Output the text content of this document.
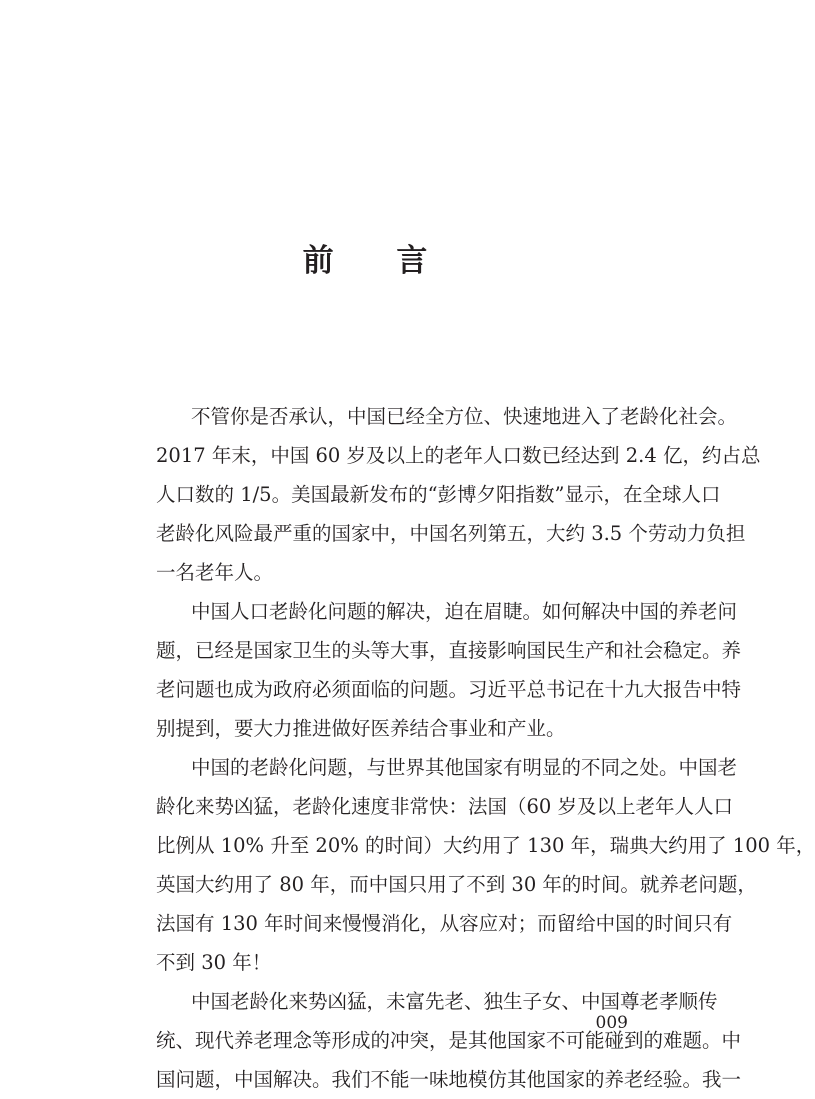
前 言
不管你是否承认，中国已经全方位、快速地进入了老龄化社会。
2017 年末，中国 60 岁及以上的老年人口数已经达到 2.4 亿，约占总
人口数的 1/5。美国最新发布的“彭博夕阳指数”显示，在全球人口
老龄化风险最严重的国家中，中国名列第五，大约 3.5 个劳动力负担
一名老年人。
中国人口老龄化问题的解决，迫在眉睫。如何解决中国的养老问
题，已经是国家卫生的头等大事，直接影响国民生产和社会稳定。养
老问题也成为政府必须面临的问题。习近平总书记在十九大报告中特
别提到，要大力推进做好医养结合事业和产业。
中国的老龄化问题，与世界其他国家有明显的不同之处。中国老
龄化来势凶猛，老龄化速度非常快：法国（60 岁及以上老年人人口
比例从 10% 升至 20% 的时间）大约用了 130 年，瑞典大约用了 100 年，
英国大约用了 80 年，而中国只用了不到 30 年的时间。就养老问题，
法国有 130 年时间来慢慢消化，从容应对；而留给中国的时间只有
不到 30 年！
中国老龄化来势凶猛，未富先老、独生子女、中国尊老孝顺传
统、现代养老理念等形成的冲突，是其他国家不可能碰到的难题。中
国问题，中国解决。我们不能一味地模仿其他国家的养老经验。我一
009
